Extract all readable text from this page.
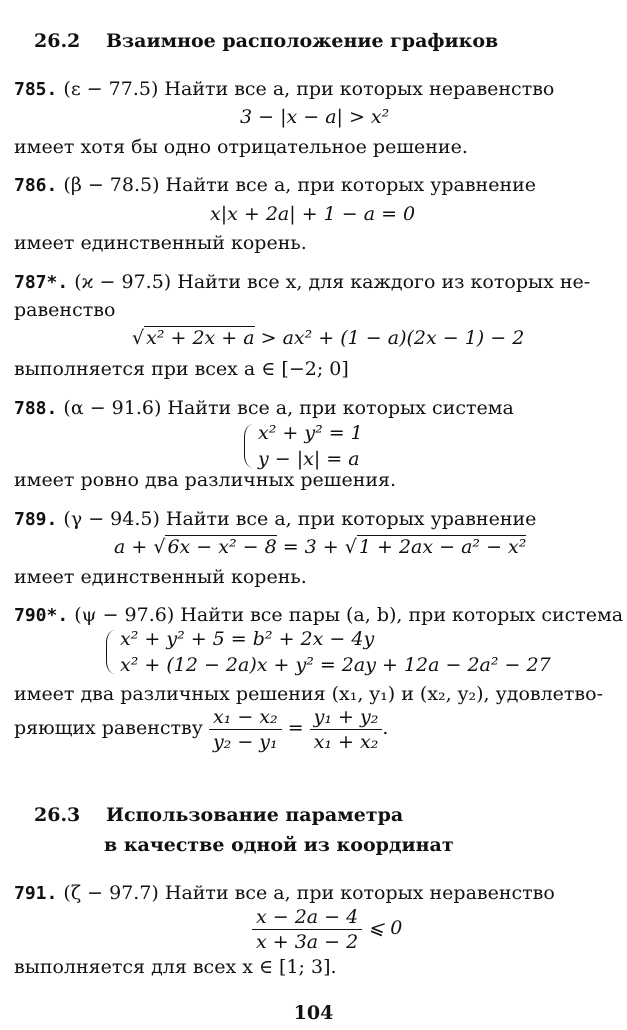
26.2 Взаимное расположение графиков
785. (ε − 77.5) Найти все a, при которых неравенство
3 − |x − a| > x²
имеет хотя бы одно отрицательное решение.
786. (β − 78.5) Найти все a, при которых уравнение
x|x + 2a| + 1 − a = 0
имеет единственный корень.
787*. (ϰ − 97.5) Найти все x, для каждого из которых не-
равенство
√ x² + 2x + a > ax² + (1 − a)(2x − 1) − 2
выполняется при всех a ∈ [−2; 0]
788. (α − 91.6) Найти все a, при которых система
x² + y² = 1
y − |x| = a
имеет ровно два различных решения.
789. (γ − 94.5) Найти все a, при которых уравнение
a + √ 6x − x² − 8 = 3 + √ 1 + 2ax − a² − x²
имеет единственный корень.
790*. (ψ − 97.6) Найти все пары (a, b), при которых система
x² + y² + 5 = b² + 2x − 4y
x² + (12 − 2a)x + y² = 2ay + 12a − 2a² − 27
имеет два различных решения (x₁, y₁) и (x₂, y₂), удовлетво-
ряющих равенству $\frac{\text{x₁ − x₂}}{\text{y₂ − y₁}} = \frac{\text{y₁ + y₂}}{\text{x₁ + x₂}}$ .
26.3 Использование параметра
в качестве одной из координат
791. (ζ − 97.7) Найти все a, при которых неравенство
$\frac{x - 2a - 4}{x + 3a - 2}$ ⩽ 0
выполняется для всех x ∈ [1; 3].
104
